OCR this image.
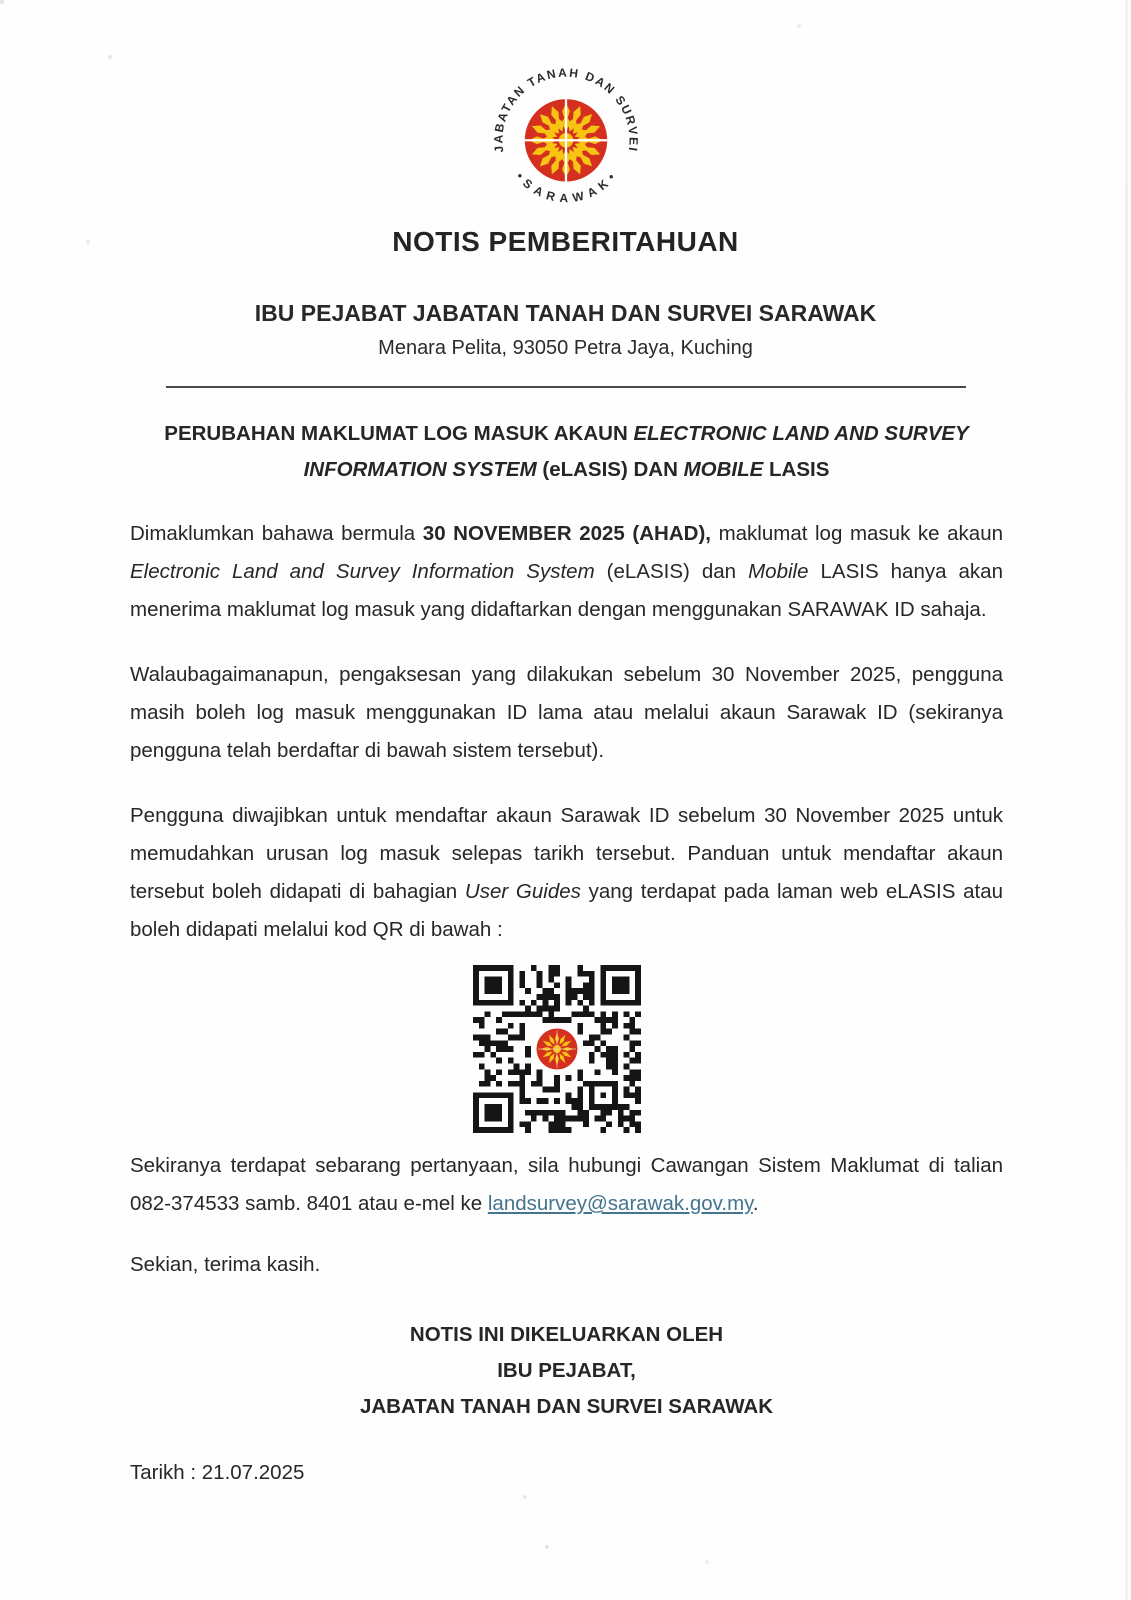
JABATAN TANAH DAN SURVEI
• S A R A W A K •
NOTIS PEMBERITAHUAN
IBU PEJABAT JABATAN TANAH DAN SURVEI SARAWAK
Menara Pelita, 93050 Petra Jaya, Kuching
PERUBAHAN MAKLUMAT LOG MASUK AKAUN ELECTRONIC LAND AND SURVEY INFORMATION SYSTEM (eLASIS) DAN MOBILE LASIS
Dimaklumkan bahawa bermula 30 NOVEMBER 2025 (AHAD), maklumat log masuk ke akaun Electronic Land and Survey Information System (eLASIS) dan Mobile LASIS hanya akan menerima maklumat log masuk yang didaftarkan dengan menggunakan SARAWAK ID sahaja.
Walaubagaimanapun, pengaksesan yang dilakukan sebelum 30 November 2025, pengguna masih boleh log masuk menggunakan ID lama atau melalui akaun Sarawak ID (sekiranya pengguna telah berdaftar di bawah sistem tersebut).
Pengguna diwajibkan untuk mendaftar akaun Sarawak ID sebelum 30 November 2025 untuk memudahkan urusan log masuk selepas tarikh tersebut. Panduan untuk mendaftar akaun tersebut boleh didapati di bahagian User Guides yang terdapat pada laman web eLASIS atau boleh didapati melalui kod QR di bawah :
Sekiranya terdapat sebarang pertanyaan, sila hubungi Cawangan Sistem Maklumat di talian 082-374533 samb. 8401 atau e-mel ke landsurvey@sarawak.gov.my.
Sekian, terima kasih.
NOTIS INI DIKELUARKAN OLEH
IBU PEJABAT,
JABATAN TANAH DAN SURVEI SARAWAK
Tarikh : 21.07.2025
